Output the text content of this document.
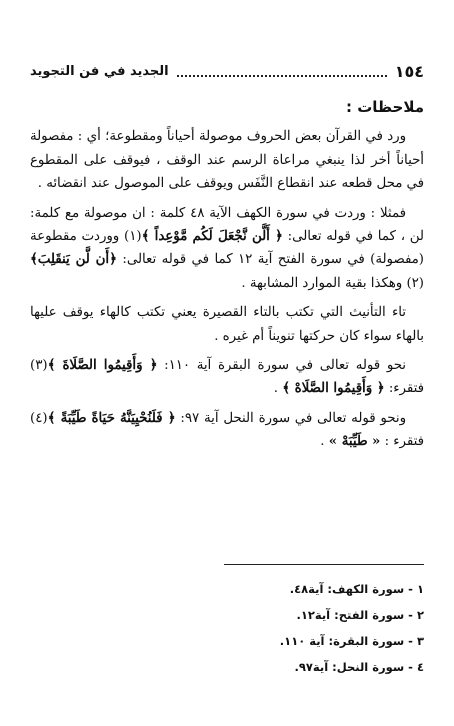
١٥٤
الجديد في فن التجويد
ملاحظات :

ورد في القرآن بعض الحروف موصولة أحياناً ومقطوعة؛ أي : مفصولة أحياناً أخر لذا ينبغي مراعاة الرسم عند الوقف ، فيوقف على المقطوع في محل قطعه عند انقطاع النَّفَس ويوقف على الموصول عند انقضائه .

فمثلا : وردت في سورة الكهف الآية ٤٨ كلمة : ان موصولة مع كلمة: لن ، كما في قوله تعالى: ﴿ أَلَّن نَّجْعَلَ لَكُم مَّوْعِداً ﴾(١) ووردت مقطوعة (مفصولة) في سورة الفتح آية ١٢ كما في قوله تعالى: ﴿أَن لَّن يَنقَلِبَ﴾(٢) وهكذا بقية الموارد المشابهة .

تاء التأنيث التي تكتب بالتاء القصيرة يعني تكتب كالهاء يوقف عليها بالهاء سواء كان حركتها تنويناً أم غيره .

نحو قوله تعالى في سورة البقرة آية ١١٠: ﴿ وَأَقِيمُوا الصَّلَاةَ ﴾(٣) فتقرء: ﴿ وَأَقِيمُوا الصَّلَاهْ ﴾ .

ونحو قوله تعالى في سورة النحل آية ٩٧: ﴿ فَلَنُحْيِيَنَّهُ حَيَاةً طَيِّبَةً ﴾(٤) فتقرء : « طَيِّبَهْ » .

١ - سورة الكهف: آية٤٨.
٢ - سورة الفتح: آية١٢.
٣ - سورة البقرة: آية ١١٠.
٤ - سورة النحل: آية٩٧.
